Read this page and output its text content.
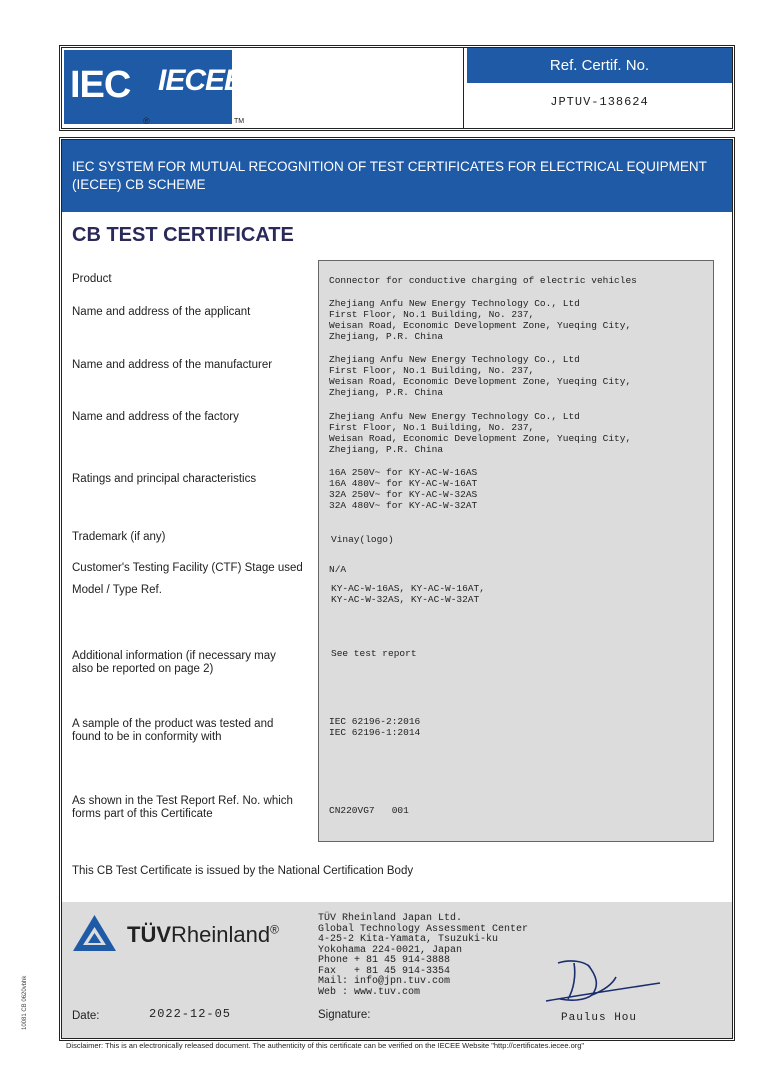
IEC IECEE
®	TM
Ref. Certif. No.
JPTUV-138624
IEC SYSTEM FOR MUTUAL RECOGNITION OF TEST CERTIFICATES FOR ELECTRICAL EQUIPMENT
(IECEE) CB SCHEME
CB TEST CERTIFICATE
Product	Connector for conductive charging of electric vehicles
Name and address of the applicant
Zhejiang Anfu New Energy Technology Co., Ltd
First Floor, No.1 Building, No. 237,
Weisan Road, Economic Development Zone, Yueqing City,
Zhejiang, P.R. China
Name and address of the manufacturer	Zhejiang Anfu New Energy Technology Co., Ltd
First Floor, No.1 Building, No. 237,
Weisan Road, Economic Development Zone, Yueqing City,
Zhejiang, P.R. China
Name and address of the factory	Zhejiang Anfu New Energy Technology Co., Ltd
First Floor, No.1 Building, No. 237,
Weisan Road, Economic Development Zone, Yueqing City,
Zhejiang, P.R. China
Ratings and principal characteristics
16A 250V~ for KY-AC-W-16AS
16A 480V~ for KY-AC-W-16AT
32A 250V~ for KY-AC-W-32AS
32A 480V~ for KY-AC-W-32AT
Trademark (if any)	Vinay(logo)
Customer's Testing Facility (CTF) Stage used	N/A
Model / Type Ref.	KY-AC-W-16AS, KY-AC-W-16AT,
KY-AC-W-32AS, KY-AC-W-32AT
Additional information (if necessary may
also be reported on page 2)
See test report
A sample of the product was tested and
found to be in conformity with
IEC 62196-2:2016
IEC 62196-1:2014
As shown in the Test Report Ref. No. which
forms part of this Certificate	CN220VG7   001
This CB Test Certificate is issued by the National Certification Body
TÜVRheinland®
TÜV Rheinland Japan Ltd.
Global Technology Assessment Center
4-25-2 Kita-Yamata, Tsuzuki-ku
Yokohama 224-0021, Japan
Phone + 81 45 914-3888
Fax   + 81 45 914-3354
Mail: info@jpn.tuv.com
Web : www.tuv.com
Date:	2022-12-05	Signature:	Paulus Hou
10081 CB 0620vbhk
Disclaimer: This is an electronically released document. The authenticity of this certificate can be verified on the IECEE Website "http://certificates.iecee.org"
